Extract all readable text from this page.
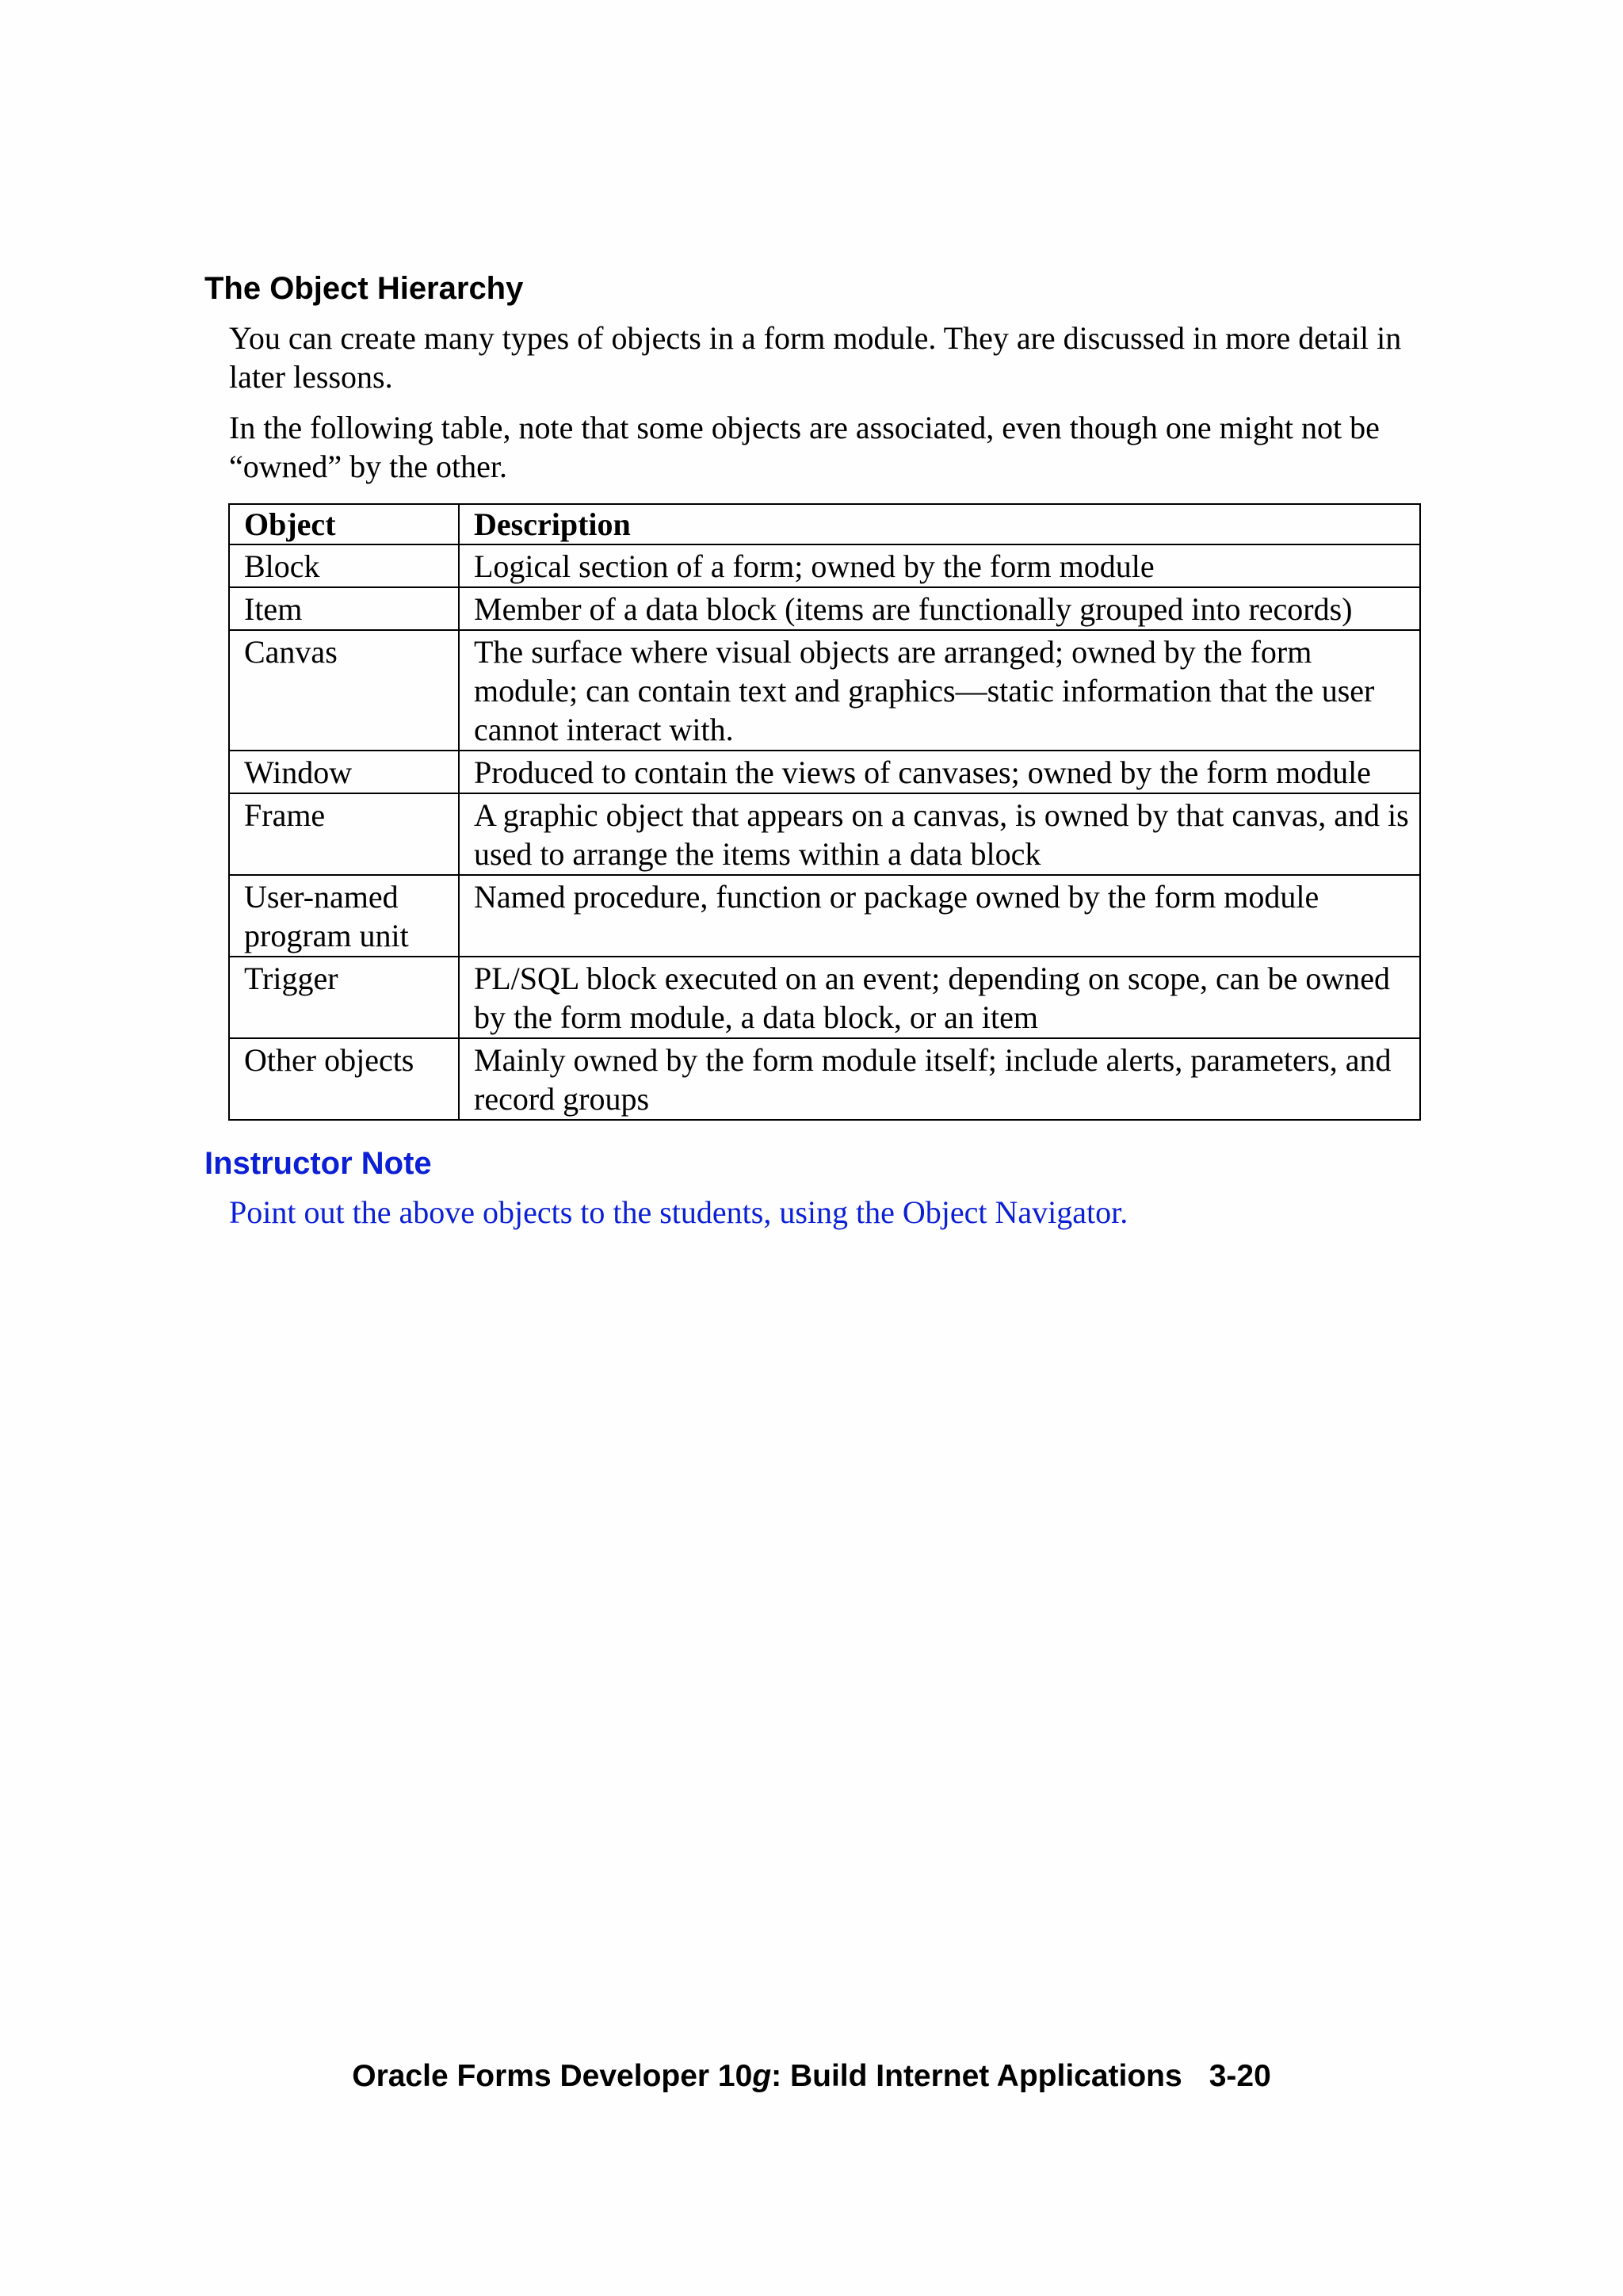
The Object Hierarchy

You can create many types of objects in a form module. They are discussed in more detail in later lessons.

In the following table, note that some objects are associated, even though one might not be “owned” by the other.

Object	Description
Block	Logical section of a form; owned by the form module
Item	Member of a data block (items are functionally grouped into records)
Canvas	The surface where visual objects are arranged; owned by the form module; can contain text and graphics—static information that the user cannot interact with.
Window	Produced to contain the views of canvases; owned by the form module
Frame	A graphic object that appears on a canvas, is owned by that canvas, and is used to arrange the items within a data block
User-named program unit	Named procedure, function or package owned by the form module
Trigger	PL/SQL block executed on an event; depending on scope, can be owned by the form module, a data block, or an item
Other objects	Mainly owned by the form module itself; include alerts, parameters, and record groups
Instructor Note

Point out the above objects to the students, using the Object Navigator.

Oracle Forms Developer 10g: Build Internet Applications 3-20
